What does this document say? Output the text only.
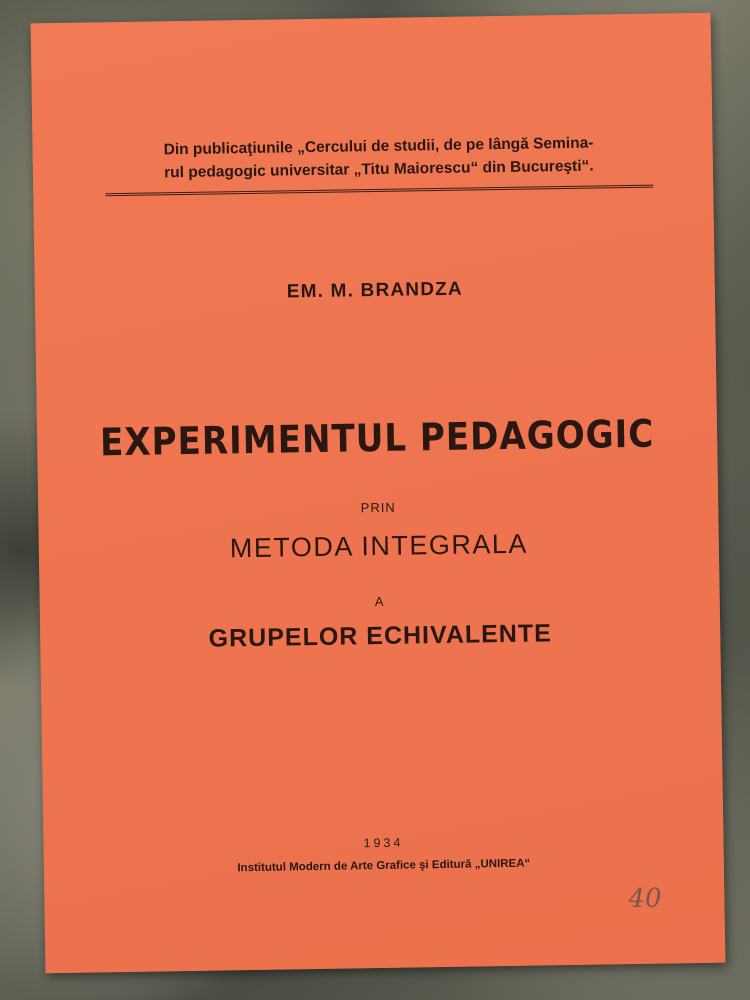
Din publicaţiunile „Cercului de studii, de pe lângă Semina-
rul pedagogic universitar „Titu Maiorescu“ din Bucureşti“.
EM. M. BRANDZA
EXPERIMENTUL PEDAGOGIC
PRIN
METODA INTEGRALA
A
GRUPELOR ECHIVALENTE
1934
Institutul Modern de Arte Grafice şi Editură „UNIREA“
40
